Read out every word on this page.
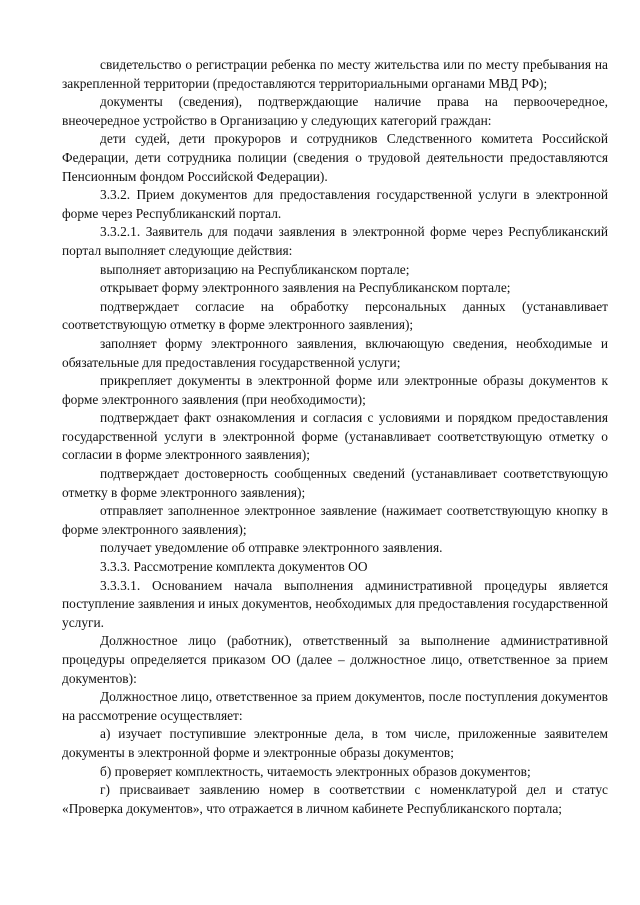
свидетельство о регистрации ребенка по месту жительства или по месту пребывания на закрепленной территории (предоставляются территориальными органами МВД РФ);

документы (сведения), подтверждающие наличие права на первоочередное, внеочередное устройство в Организацию у следующих категорий граждан:

дети судей, дети прокуроров и сотрудников Следственного комитета Российской Федерации, дети сотрудника полиции (сведения о трудовой деятельности предоставляются Пенсионным фондом Российской Федерации).

3.3.2. Прием документов для предоставления государственной услуги в электронной форме через Республиканский портал.

3.3.2.1. Заявитель для подачи заявления в электронной форме через Республиканский портал выполняет следующие действия:

выполняет авторизацию на Республиканском портале;

открывает форму электронного заявления на Республиканском портале;

подтверждает согласие на обработку персональных данных (устанавливает соответствующую отметку в форме электронного заявления);

заполняет форму электронного заявления, включающую сведения, необходимые и обязательные для предоставления государственной услуги;

прикрепляет документы в электронной форме или электронные образы документов к форме электронного заявления (при необходимости);

подтверждает факт ознакомления и согласия с условиями и порядком предоставления государственной услуги в электронной форме (устанавливает соответствующую отметку о согласии в форме электронного заявления);

подтверждает достоверность сообщенных сведений (устанавливает соответствующую отметку в форме электронного заявления);

отправляет заполненное электронное заявление (нажимает соответствующую кнопку в форме электронного заявления);

получает уведомление об отправке электронного заявления.

3.3.3. Рассмотрение комплекта документов ОО

3.3.3.1. Основанием начала выполнения административной процедуры является поступление заявления и иных документов, необходимых для предоставления государственной услуги.

Должностное лицо (работник), ответственный за выполнение административной процедуры определяется приказом ОО (далее – должностное лицо, ответственное за прием документов):

Должностное лицо, ответственное за прием документов, после поступления документов на рассмотрение осуществляет:

а) изучает поступившие электронные дела, в том числе, приложенные заявителем документы в электронной форме и электронные образы документов;

б) проверяет комплектность, читаемость электронных образов документов;

г) присваивает заявлению номер в соответствии с номенклатурой дел и статус «Проверка документов», что отражается в личном кабинете Республиканского портала;
